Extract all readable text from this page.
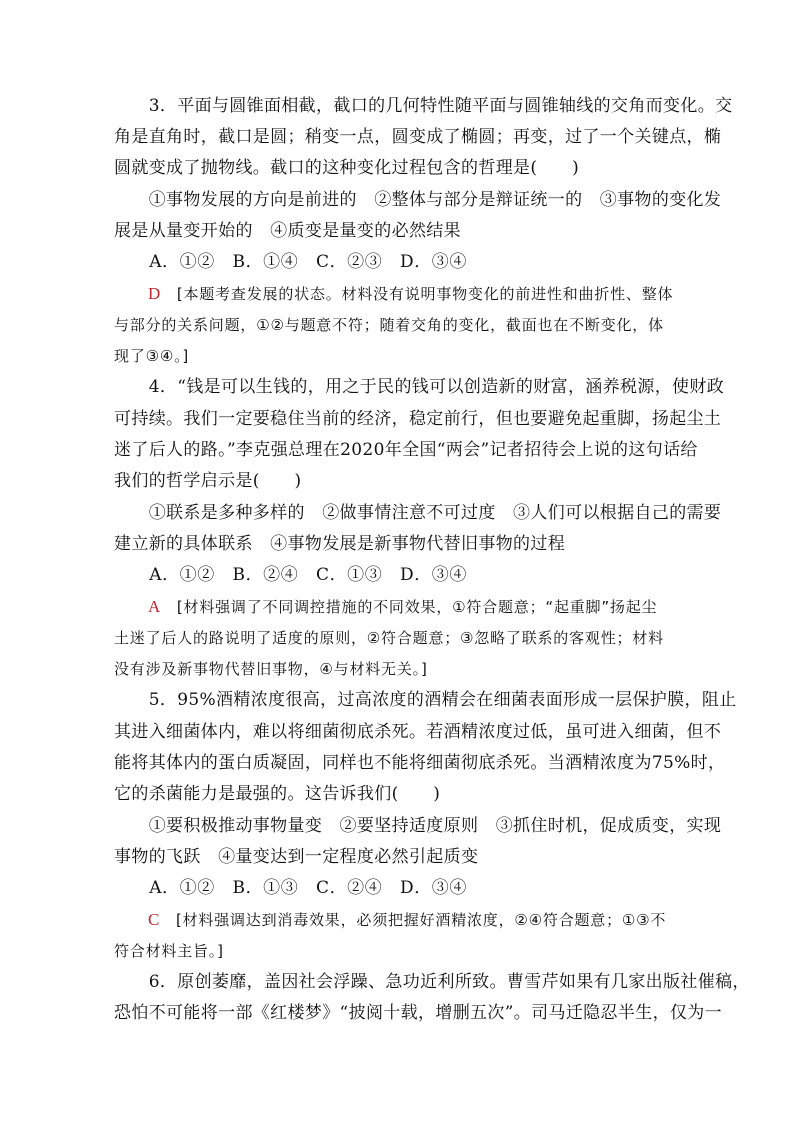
　　3．平面与圆锥面相截，截口的几何特性随平面与圆锥轴线的交角而变化。交
角是直角时，截口是圆；稍变一点，圆变成了椭圆；再变，过了一个关键点，椭
圆就变成了抛物线。截口的这种变化过程包含的哲理是(　　)
　　①事物发展的方向是前进的　②整体与部分是辩证统一的　③事物的变化发
展是从量变开始的　④质变是量变的必然结果
　　A．①②　B．①④　C．②③　D．③④
D　[本题考查发展的状态。材料没有说明事物变化的前进性和曲折性、整体
与部分的关系问题，①②与题意不符；随着交角的变化，截面也在不断变化，体
现了③④。]
　　4．“钱是可以生钱的，用之于民的钱可以创造新的财富，涵养税源，使财政
可持续。我们一定要稳住当前的经济，稳定前行，但也要避免起重脚，扬起尘土
迷了后人的路。”李克强总理在2020年全国“两会”记者招待会上说的这句话给
我们的哲学启示是(　　)
　　①联系是多种多样的　②做事情注意不可过度　③人们可以根据自己的需要
建立新的具体联系　④事物发展是新事物代替旧事物的过程
　　A．①②　B．②④　C．①③　D．③④
A　[材料强调了不同调控措施的不同效果，①符合题意；“起重脚”扬起尘
土迷了后人的路说明了适度的原则，②符合题意；③忽略了联系的客观性；材料
没有涉及新事物代替旧事物，④与材料无关。]
　　5．95%酒精浓度很高，过高浓度的酒精会在细菌表面形成一层保护膜，阻止
其进入细菌体内，难以将细菌彻底杀死。若酒精浓度过低，虽可进入细菌，但不
能将其体内的蛋白质凝固，同样也不能将细菌彻底杀死。当酒精浓度为75%时，
它的杀菌能力是最强的。这告诉我们(　　)
　　①要积极推动事物量变　②要坚持适度原则　③抓住时机，促成质变，实现
事物的飞跃　④量变达到一定程度必然引起质变
　　A．①②　B．①③　C．②④　D．③④
C　[材料强调达到消毒效果，必须把握好酒精浓度，②④符合题意；①③不
符合材料主旨。]
　　6．原创萎靡，盖因社会浮躁、急功近利所致。曹雪芹如果有几家出版社催稿，
恐怕不可能将一部《红楼梦》“披阅十载，增删五次”。司马迁隐忍半生，仅为一
